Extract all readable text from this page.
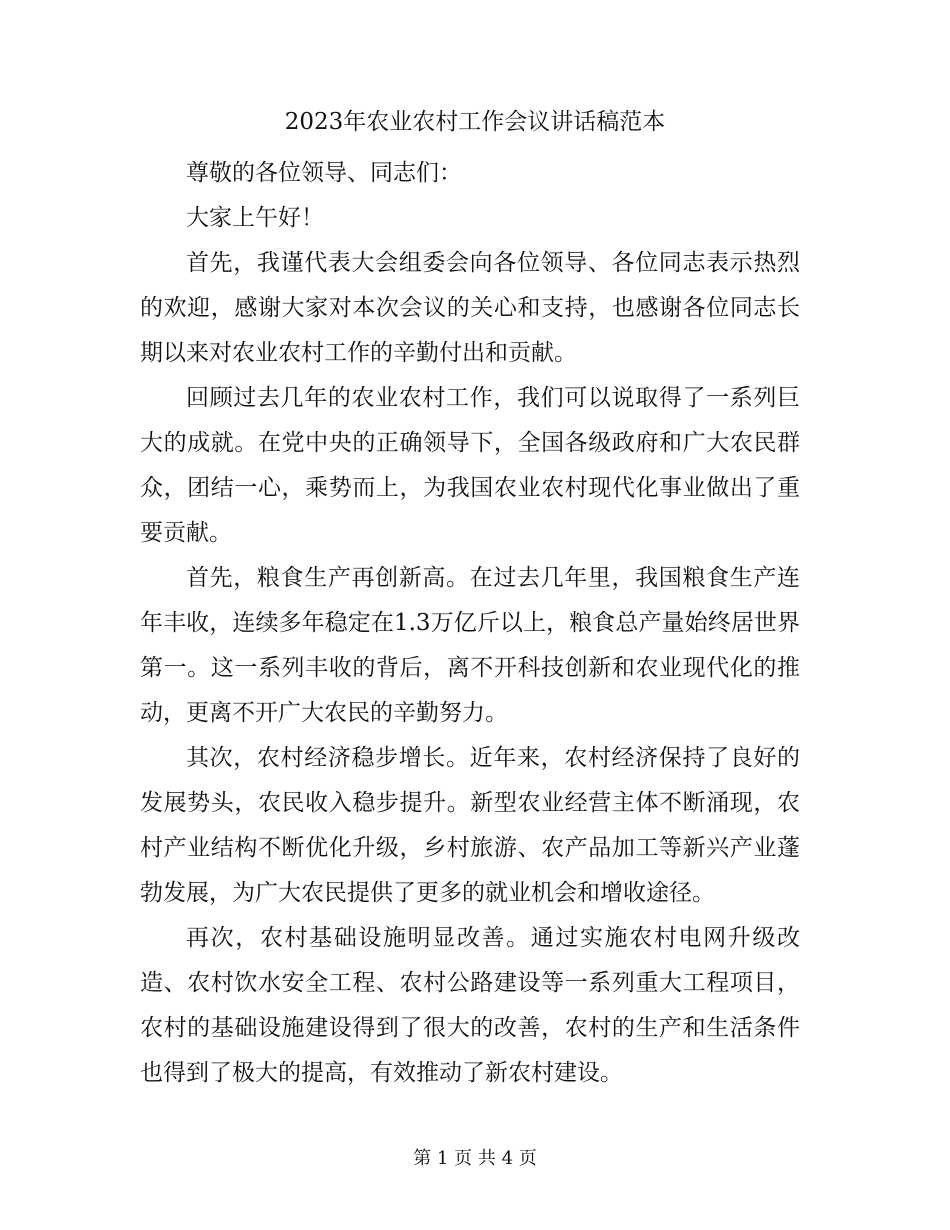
2023年农业农村工作会议讲话稿范本

尊敬的各位领导、同志们：

大家上午好！

首先，我谨代表大会组委会向各位领导、各位同志表示热烈的欢迎，感谢大家对本次会议的关心和支持，也感谢各位同志长期以来对农业农村工作的辛勤付出和贡献。

回顾过去几年的农业农村工作，我们可以说取得了一系列巨大的成就。在党中央的正确领导下，全国各级政府和广大农民群众，团结一心，乘势而上，为我国农业农村现代化事业做出了重要贡献。

首先，粮食生产再创新高。在过去几年里，我国粮食生产连年丰收，连续多年稳定在1.3万亿斤以上，粮食总产量始终居世界第一。这一系列丰收的背后，离不开科技创新和农业现代化的推动，更离不开广大农民的辛勤努力。

其次，农村经济稳步增长。近年来，农村经济保持了良好的发展势头，农民收入稳步提升。新型农业经营主体不断涌现，农村产业结构不断优化升级，乡村旅游、农产品加工等新兴产业蓬勃发展，为广大农民提供了更多的就业机会和增收途径。

再次，农村基础设施明显改善。通过实施农村电网升级改造、农村饮水安全工程、农村公路建设等一系列重大工程项目，农村的基础设施建设得到了很大的改善，农村的生产和生活条件也得到了极大的提高，有效推动了新农村建设。

第 1 页 共 4 页
